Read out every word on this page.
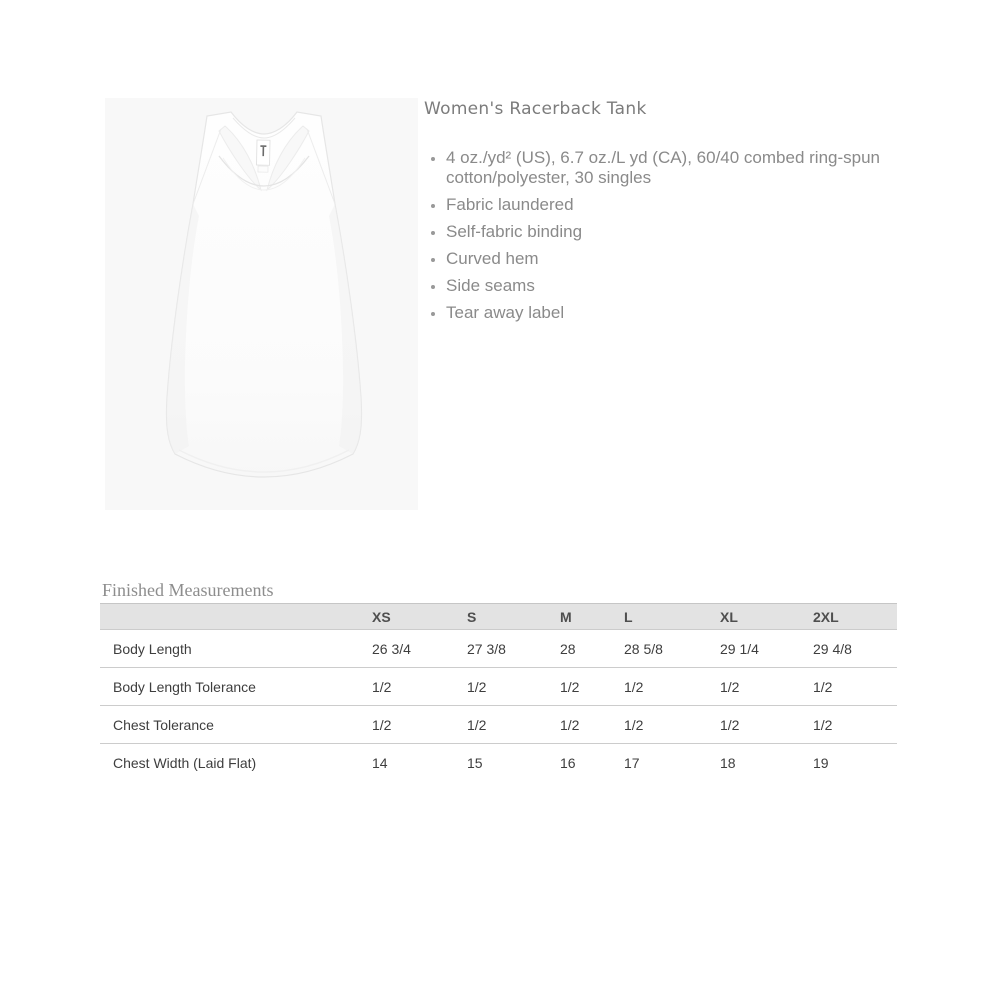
Women's Racerback Tank
• 4 oz./yd² (US), 6.7 oz./L yd (CA), 60/40 combed ring-spun cotton/polyester, 30 singles
• Fabric laundered
• Self-fabric binding
• Curved hem
• Side seams
• Tear away label
Finished Measurements
	XS	S	M	L	XL	2XL
Body Length	26 3/4	27 3/8	28	28 5/8	29 1/4	29 4/8
Body Length Tolerance	1/2	1/2	1/2	1/2	1/2	1/2
Chest Tolerance	1/2	1/2	1/2	1/2	1/2	1/2
Chest Width (Laid Flat)	14	15	16	17	18	19
